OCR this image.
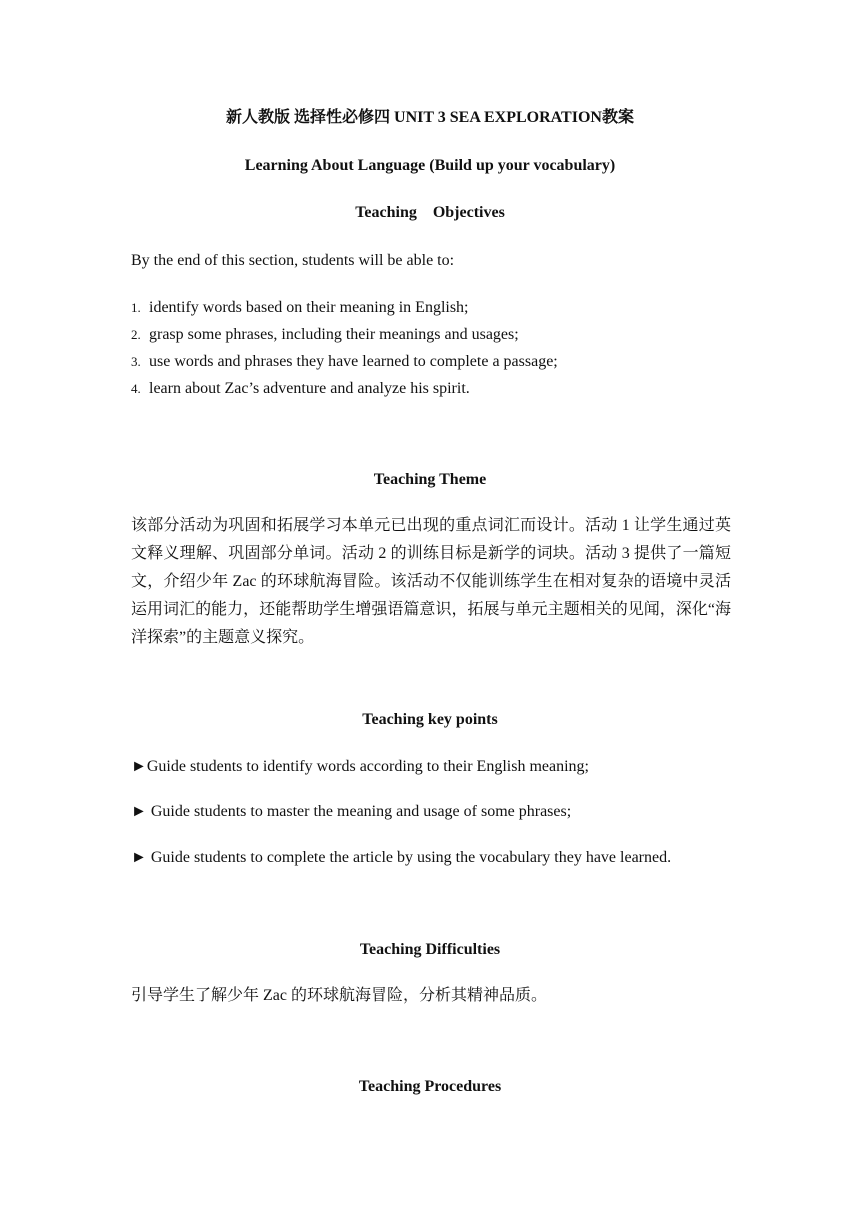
新人教版 选择性必修四 UNIT 3 SEA EXPLORATION教案
Learning About Language (Build up your vocabulary)
Teaching    Objectives
By the end of this section, students will be able to:
1. identify words based on their meaning in English;
2. grasp some phrases, including their meanings and usages;
3. use words and phrases they have learned to complete a passage;
4. learn about Zac’s adventure and analyze his spirit.
Teaching Theme
该部分活动为巩固和拓展学习本单元已出现的重点词汇而设计。活动 1 让学生通过英文释义理解、巩固部分单词。活动 2 的训练目标是新学的词块。活动 3 提供了一篇短文，介绍少年 Zac 的环球航海冒险。该活动不仅能训练学生在相对复杂的语境中灵活运用词汇的能力，还能帮助学生增强语篇意识，拓展与单元主题相关的见闻，深化“海洋探索”的主题意义探究。
Teaching key points
►Guide students to identify words according to their English meaning;
► Guide students to master the meaning and usage of some phrases;
► Guide students to complete the article by using the vocabulary they have learned.
Teaching Difficulties
引导学生了解少年 Zac 的环球航海冒险，分析其精神品质。
Teaching Procedures
